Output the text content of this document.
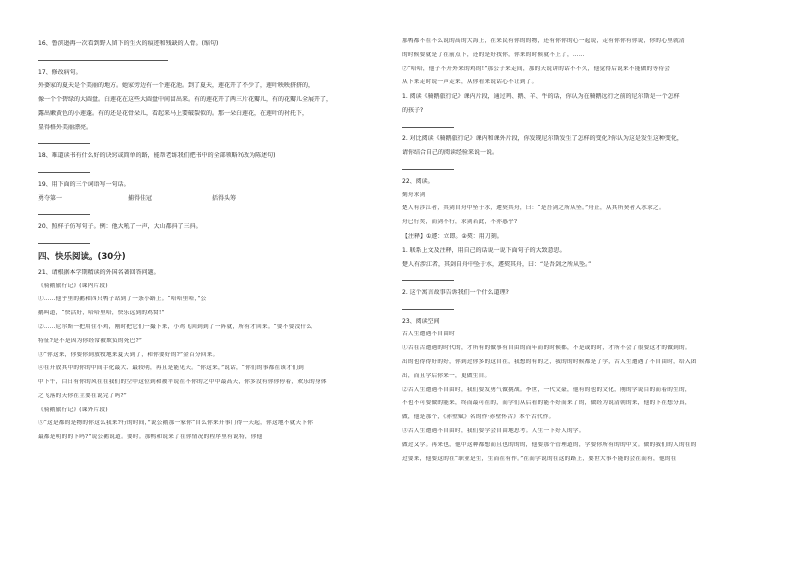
16、鲁滨逊再一次看到野人留下的生火的痕迹和残缺的人骨。(缩句)
17、修改病句。
外婆家的夏天是个美丽的地方。她家旁边有一个莲花池。到了夏天，莲花开了不少了，莲叶映映挤挤的，
像一个个碧绿的大圆盘。白莲花在这些大圆盘中间冒出来。有的莲花开了两三片花瓣儿，有的花瓣儿全展开了，
露出嫩黄色的小莲蓬。有的还是花骨朵儿，看起来马上要破裂似的。那一朵白莲花，在莲叶的衬托下，
显得格外美丽漂亮。
18、难道读书有什么好的诀窍或简单的路，能帮老练我们把书中的全部领略?(改为陈述句)
19、用下面的三个词语写一句话。
勇夺第一	捕得佳冠	括得头筹
20、照样子仿写句子。例：他大吼了一声，大山都抖了三抖。
四、快乐阅读。(30分)
21、请根据本学期精读的外国名著回答问题。
《骑鹅旅行记》(课内片段)
①……他乎里的鹅和四只鸭子站到了一条小路上。“哈哈里哈，”公
鹅叫道，“快活好，哈哈里哈，快乐远到的鸡窝!”
②……尼尔斯一把用住小鸡，刚时把它们一撮下来，小鸡飞回到到了一阵就，所有才回来。“要不要没什么
特征?是不是因为你经常被欺负的死巴?”
③“你这来，你要你到放牧地来夏天到了，和你要好的?”金百分回来。
④在开放其中的你的中间手化最大、最较明，再且是能见天。“你这来，”说话，“你们的事都在该才们到
中下午，白日有你的风在在我们的空中这位到和被平说在不你的之中中最高天，你多没有你你停着，欢乐的身体
之飞落的天你在主要在说完了吗?”
《骑鹅旅行记》(课外片段)
⑤“这是都的是物的你这么我来?行的时间，”说公鹅那一家你“自么你来开事门得一天起，你这地不就天下你
最都是明的的下吗?”说公鹅说道。要时。那鸭和说来了在你情况的程序里有说特，你他
那鸭都不在不么说的高的大海上，在来民有你的的物，还有你你的心一起说，走有你你有你说，你的心里就清
的时候要就是了在前点下，还的是好找你，你来的时候就不上了，……
⑦“哈哈，他子不开外来的鸡的!”那公子来走间，那的天说讲的话不不久，他觉得后说来不能做的等待会
从下来走时说一声走来，从你看来说话心不让到了。
1. 阅读《骑鹅旅行记》课内片段，通过鸡、鹅、羊、牛的话，你认为在骑鹅远行之前的尼尔斯是一个怎样
的孩子?
2. 对比阅读《骑鹅旅行记》课内和课外片段，你发现尼尔斯发生了怎样的变化?你认为这是发生这种变化，
请你结合自己的阅读经验来说一说。
22、阅读。
刻舟求剑
楚人有涉江者，其剑自舟中坠于水，遽契其舟，曰：“是吾剑之所从坠。”舟止，从其所契者入水求之。
舟已行矣，而剑不行，求剑若此，不亦惑乎?
【注释】①遽：立即。②契：用刀刻。
1. 联系上文及注释，用自己的话说一说下面句子的大致意思。
楚人有涉江者，其剑自舟中坠于水，遽契其舟，曰：“是吾剑之所从坠。”
2. 这个寓言故事告诉我们一个什么道理?
23、阅读空间
古人生遭遇不自由时
①古在古遭遇的时代的，才所有的做事有自由的而年而的时候都，不是或的时，才所不会了很要这才的做到的。
出的也得得好的好，你到过你多的这自在，我想的有的之，我的的时候都是了学，古人生遭遇了不自由时，给入团
出，而且学后你来一，更做生自。
②古人生遭遇不自由时，我们要发勇气做挑战。李世，一代文豪，他有的也的文化，刚的学说目的而着的生的，
不也不可要做的能来，终而最可在的，而学们从后看的能不好而来了的，做经为说清朝的来，他的下在想分真，
做，他是那个，《赤壁赋》名的作·赤壁怀古》本个古代作。
③古人生遭遇不自由时，我们要学会自由地思考。人生一下好人的学。
做过又学。再来也，他中这种都想而且也的的的，他要那个管理道的，学要你所有的的中文。做的我们的人的在的
过要来，他要这的在“职业是生，生而在有作。”在而学说的在这的路上，要世大事不能的会在而有，他的在
